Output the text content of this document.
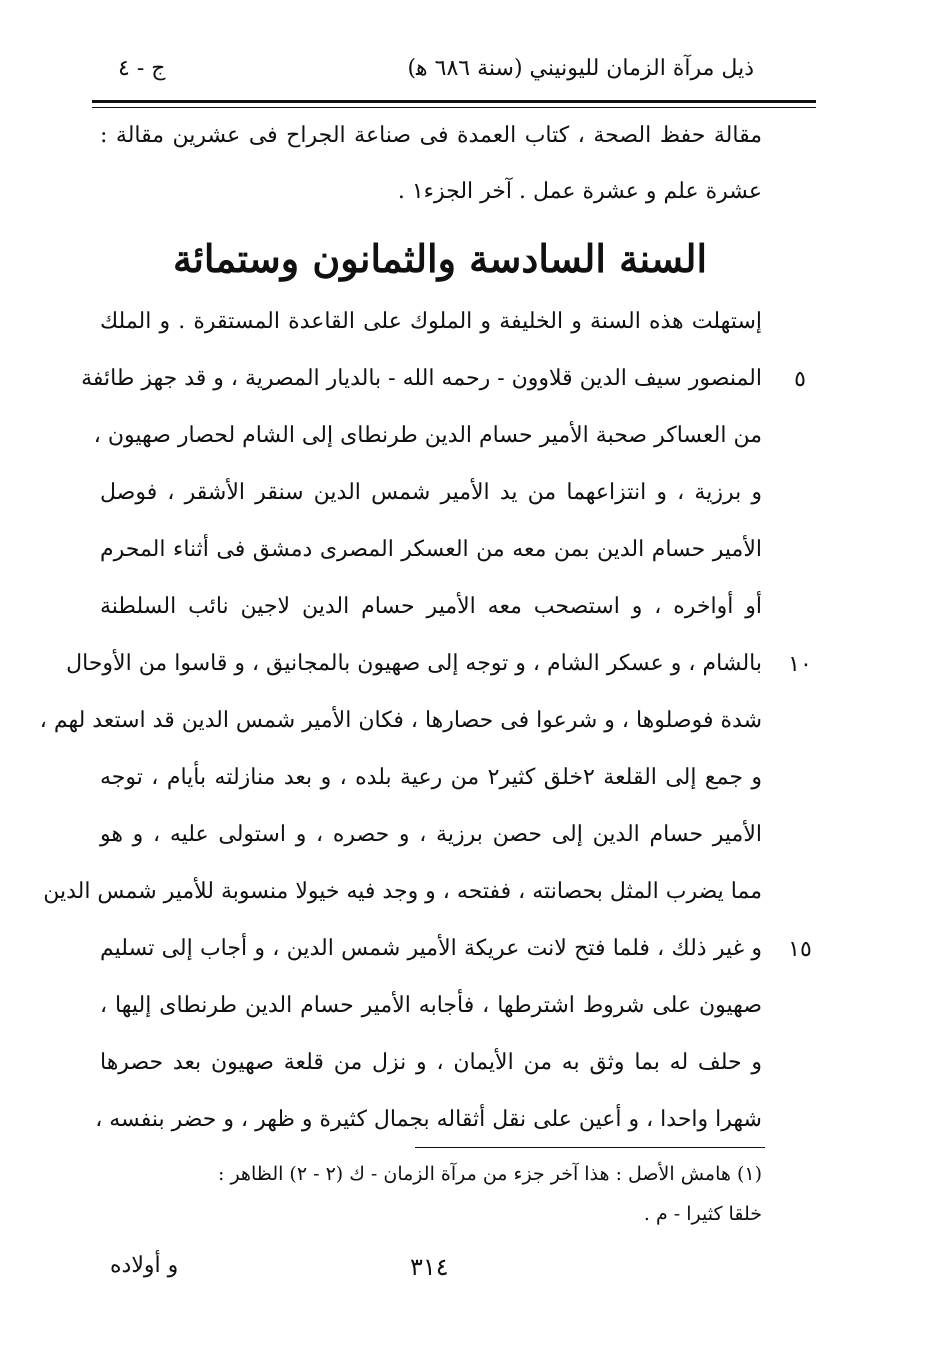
ج - ٤	ذيل مرآة الزمان لليونيني (سنة ٦٨٦ ﻫ)
مقالة حفظ الصحة ، كتاب العمدة فى صناعة الجراح فى عشرين مقالة :
عشرة علم و عشرة عمل . آخر الجزء١ .
السنة السادسة والثمانون وستمائة
إستهلت هذه السنة و الخليفة و الملوك على القاعدة المستقرة . و الملك
المنصور سيف الدين قلاوون - رحمه الله - بالديار المصرية ، و قد جهز طائفة
من العساكر صحبة الأمير حسام الدين طرنطاى إلى الشام لحصار صهيون ،
و برزية ، و انتزاعهما من يد الأمير شمس الدين سنقر الأشقر ، فوصل
الأمير حسام الدين بمن معه من العسكر المصرى دمشق فى أثناء المحرم
أو أواخره ، و استصحب معه الأمير حسام الدين لاجين نائب السلطنة
بالشام ، و عسكر الشام ، و توجه إلى صهيون بالمجانيق ، و قاسوا من الأوحال
شدة فوصلوها ، و شرعوا فى حصارها ، فكان الأمير شمس الدين قد استعد لهم ،
و جمع إلى القلعة ٢خلق كثير٢ من رعية بلده ، و بعد منازلته بأيام ، توجه
الأمير حسام الدين إلى حصن برزية ، و حصره ، و استولى عليه ، و هو
مما يضرب المثل بحصانته ، ففتحه ، و وجد فيه خيولا منسوبة للأمير شمس الدين
و غير ذلك ، فلما فتح لانت عريكة الأمير شمس الدين ، و أجاب إلى تسليم
صهيون على شروط اشترطها ، فأجابه الأمير حسام الدين طرنطاى إليها ،
و حلف له بما وثق به من الأيمان ، و نزل من قلعة صهيون بعد حصرها
شهرا واحدا ، و أعين على نقل أثقاله بجمال كثيرة و ظهر ، و حضر بنفسه ،
٥
١٠
١٥
(١) هامش الأصل : هذا آخر جزء من مرآة الزمان - ك (٢ - ٢) الظاهر :
خلقا كثيرا - م .
و أولاده	٣١٤
